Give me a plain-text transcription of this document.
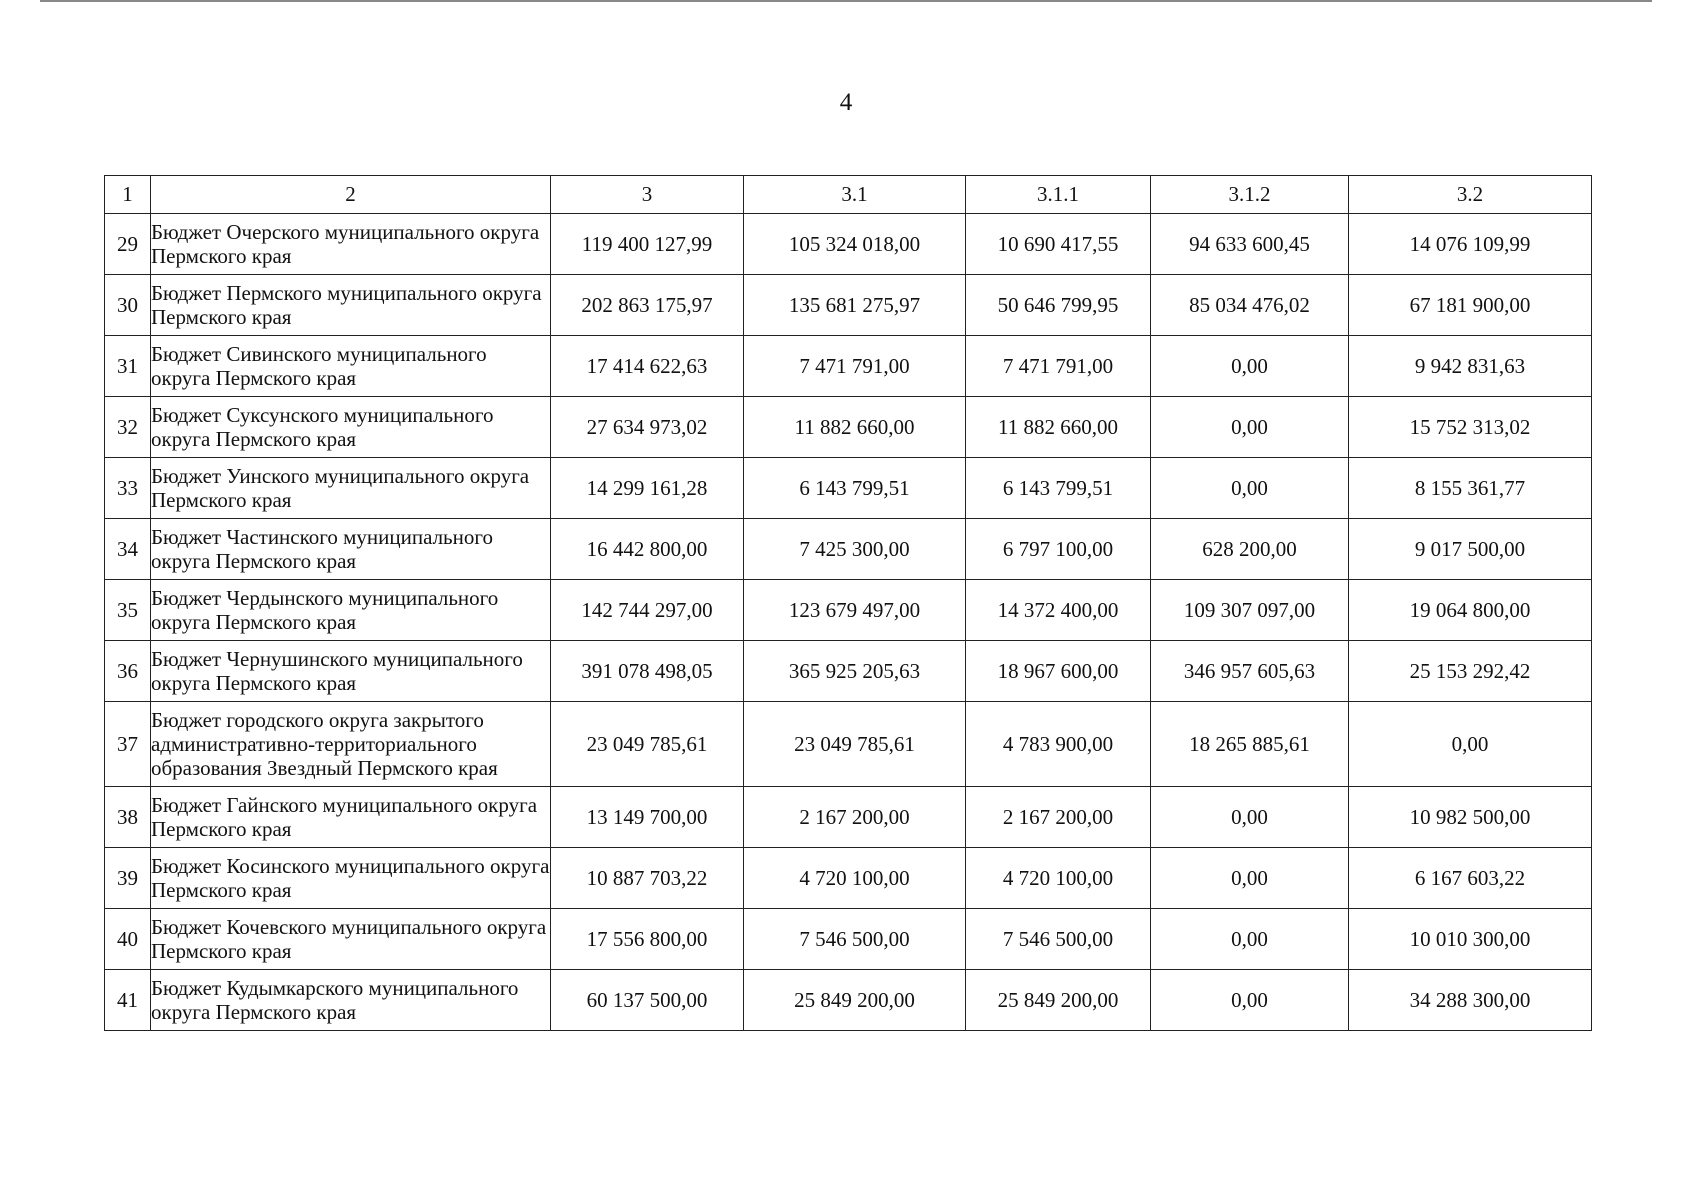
4
1	2	3	3.1	3.1.1	3.1.2	3.2
29	Бюджет Очерского муниципального округа Пермского края	119 400 127,99	105 324 018,00	10 690 417,55	94 633 600,45	14 076 109,99
30	Бюджет Пермского муниципального округа Пермского края	202 863 175,97	135 681 275,97	50 646 799,95	85 034 476,02	67 181 900,00
31	Бюджет Сивинского муниципального округа Пермского края	17 414 622,63	7 471 791,00	7 471 791,00	0,00	9 942 831,63
32	Бюджет Суксунского муниципального округа Пермского края	27 634 973,02	11 882 660,00	11 882 660,00	0,00	15 752 313,02
33	Бюджет Уинского муниципального округа Пермского края	14 299 161,28	6 143 799,51	6 143 799,51	0,00	8 155 361,77
34	Бюджет Частинского муниципального округа Пермского края	16 442 800,00	7 425 300,00	6 797 100,00	628 200,00	9 017 500,00
35	Бюджет Чердынского муниципального округа Пермского края	142 744 297,00	123 679 497,00	14 372 400,00	109 307 097,00	19 064 800,00
36	Бюджет Чернушинского муниципального округа Пермского края	391 078 498,05	365 925 205,63	18 967 600,00	346 957 605,63	25 153 292,42
37	Бюджет городского округа закрытого административно-территориального образования Звездный Пермского края	23 049 785,61	23 049 785,61	4 783 900,00	18 265 885,61	0,00
38	Бюджет Гайнского муниципального округа Пермского края	13 149 700,00	2 167 200,00	2 167 200,00	0,00	10 982 500,00
39	Бюджет Косинского муниципального округа Пермского края	10 887 703,22	4 720 100,00	4 720 100,00	0,00	6 167 603,22
40	Бюджет Кочевского муниципального округа Пермского края	17 556 800,00	7 546 500,00	7 546 500,00	0,00	10 010 300,00
41	Бюджет Кудымкарского муниципального округа Пермского края	60 137 500,00	25 849 200,00	25 849 200,00	0,00	34 288 300,00
